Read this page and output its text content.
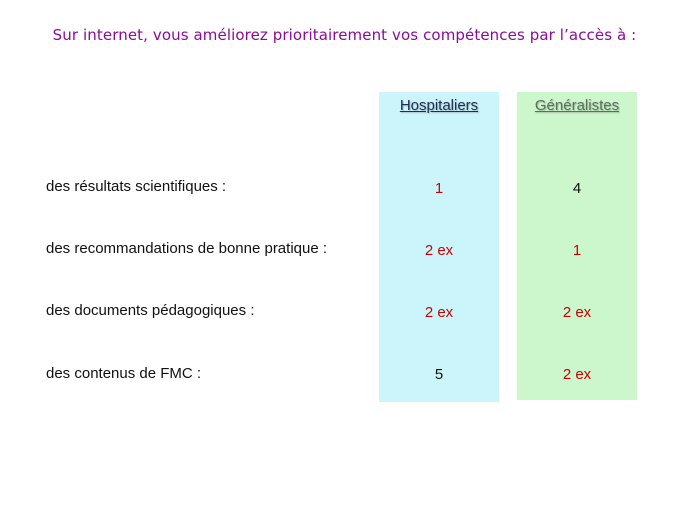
Sur internet, vous améliorez prioritairement vos compétences par l’accès à :
Hospitaliers
1
2 ex
2 ex
5
Généralistes
4
1
2 ex
2 ex
des résultats scientifiques :
des recommandations de bonne pratique :
des documents pédagogiques :
des contenus de FMC :
